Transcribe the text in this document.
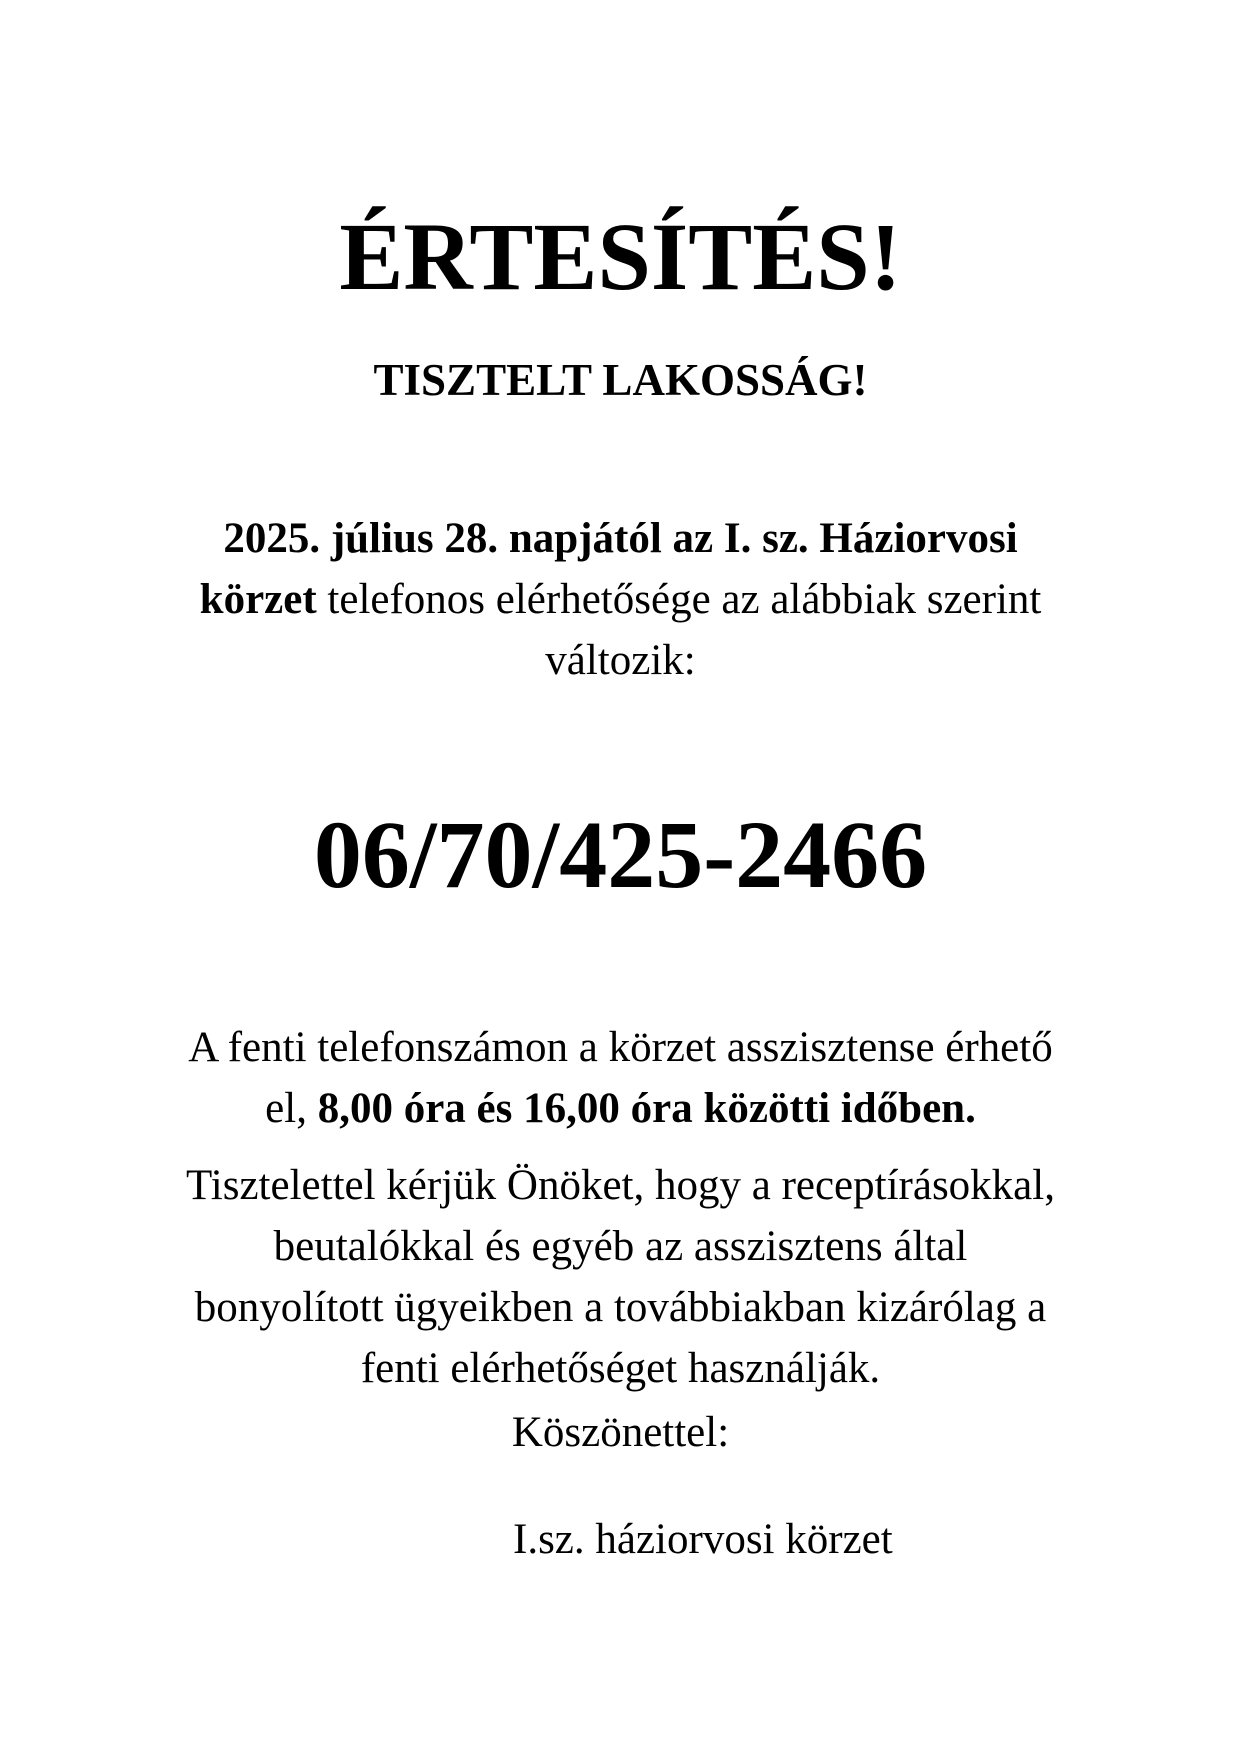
ÉRTESÍTÉS!
TISZTELT LAKOSSÁG!
2025. július 28. napjától az I. sz. Háziorvosi
körzet telefonos elérhetősége az alábbiak szerint
változik:
06/70/425-2466
A fenti telefonszámon a körzet asszisztense érhető
el, 8,00 óra és 16,00 óra közötti időben.
Tisztelettel kérjük Önöket, hogy a receptírásokkal,
beutalókkal és egyéb az asszisztens által
bonyolított ügyeikben a továbbiakban kizárólag a
fenti elérhetőséget használják.

Köszönettel:

I.sz. háziorvosi körzet
